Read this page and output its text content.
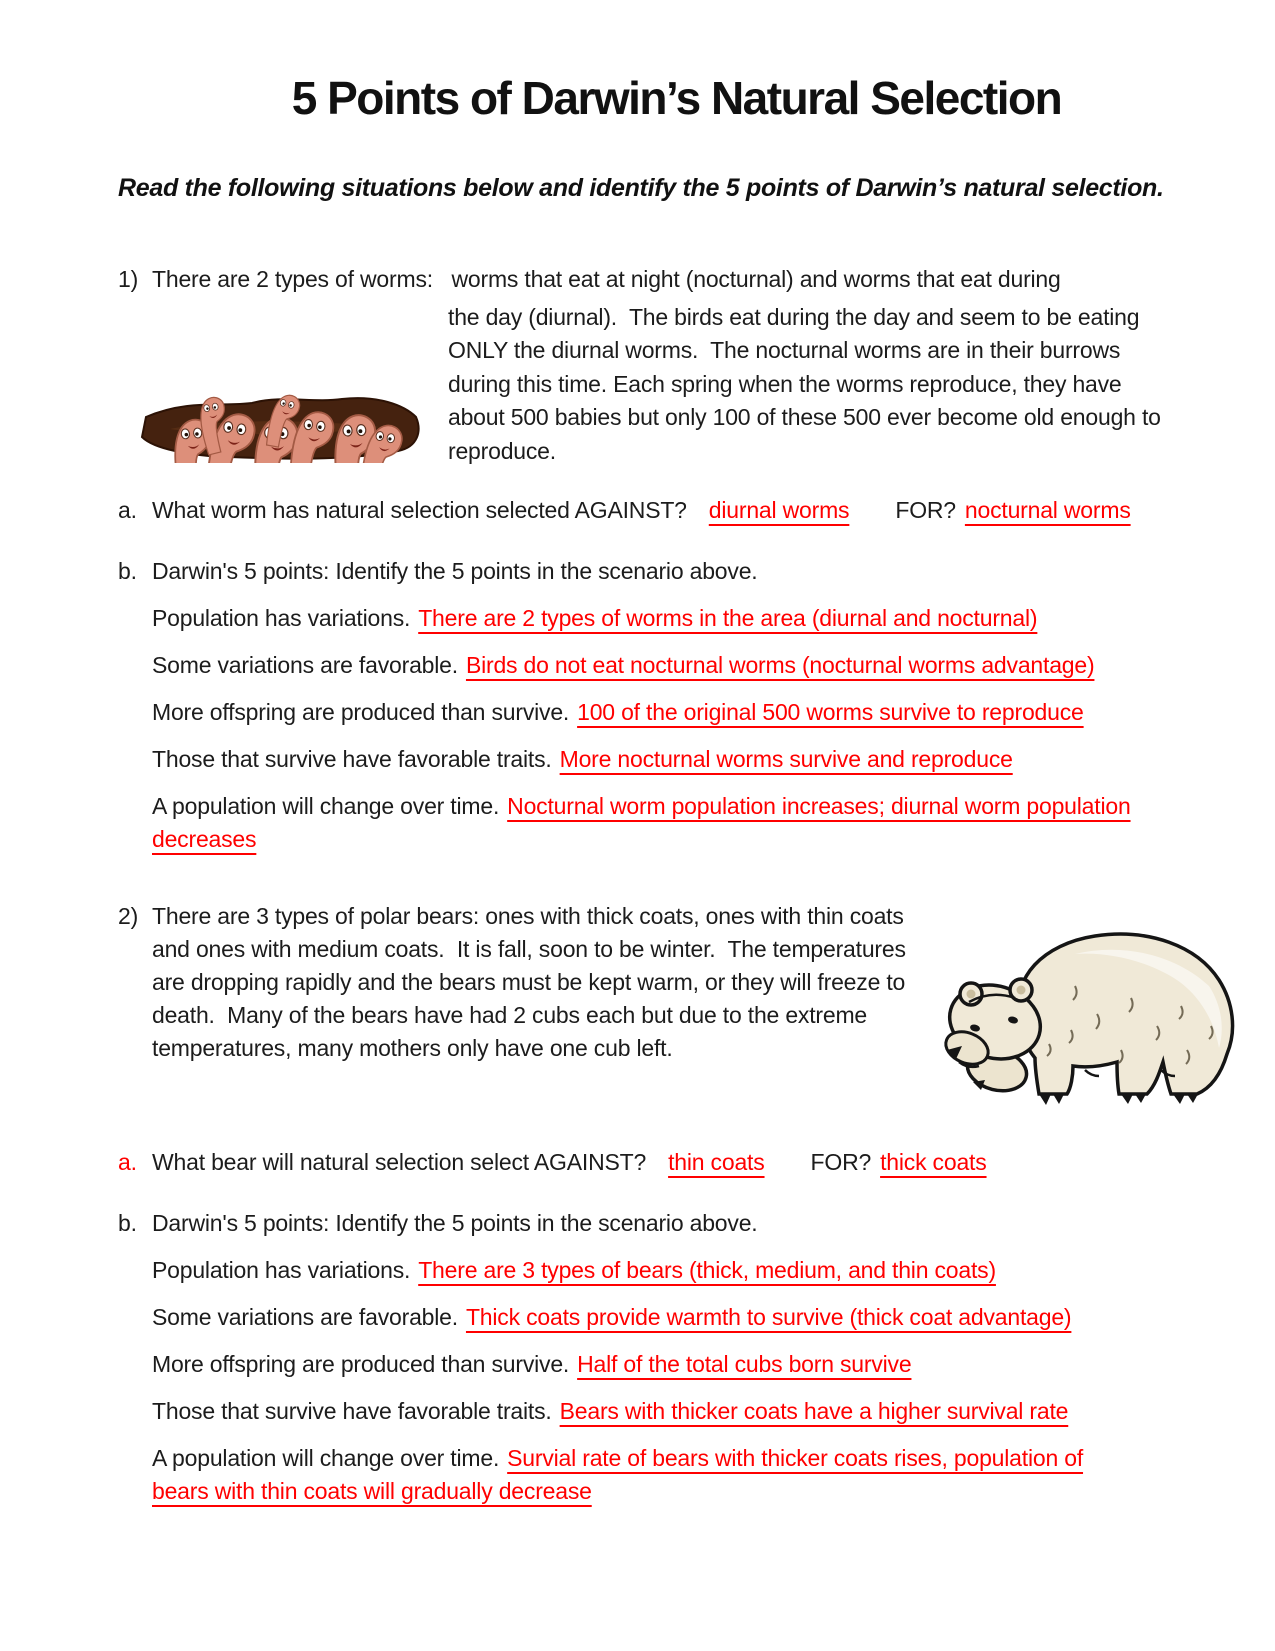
5 Points of Darwin’s Natural Selection

Read the following situations below and identify the 5 points of Darwin’s natural selection.

1) There are 2 types of worms:   worms that eat at night (nocturnal) and worms that eat during

the day (diurnal).  The birds eat during the day and seem to be eating ONLY the diurnal worms.  The nocturnal worms are in their burrows during this time. Each spring when the worms reproduce, they have about 500 babies but only 100 of these 500 ever become old enough to reproduce.

a. What worm has natural selection selected AGAINST? diurnal worms FOR? nocturnal worms

b. Darwin's 5 points: Identify the 5 points in the scenario above.

Population has variations. There are 2 types of worms in the area (diurnal and nocturnal)

Some variations are favorable. Birds do not eat nocturnal worms (nocturnal worms advantage)

More offspring are produced than survive. 100 of the original 500 worms survive to reproduce

Those that survive have favorable traits. More nocturnal worms survive and reproduce

A population will change over time. Nocturnal worm population increases; diurnal worm population decreases

2) There are 3 types of polar bears: ones with thick coats, ones with thin coats and ones with medium coats.  It is fall, soon to be winter.  The temperatures are dropping rapidly and the bears must be kept warm, or they will freeze to death.  Many of the bears have had 2 cubs each but due to the extreme temperatures, many mothers only have one cub left.

a. What bear will natural selection select AGAINST? thin coats FOR? thick coats

b. Darwin's 5 points: Identify the 5 points in the scenario above.

Population has variations. There are 3 types of bears (thick, medium, and thin coats)

Some variations are favorable. Thick coats provide warmth to survive (thick coat advantage)

More offspring are produced than survive. Half of the total cubs born survive

Those that survive have favorable traits. Bears with thicker coats have a higher survival rate

A population will change over time. Survial rate of bears with thicker coats rises, population of bears with thin coats will gradually decrease
